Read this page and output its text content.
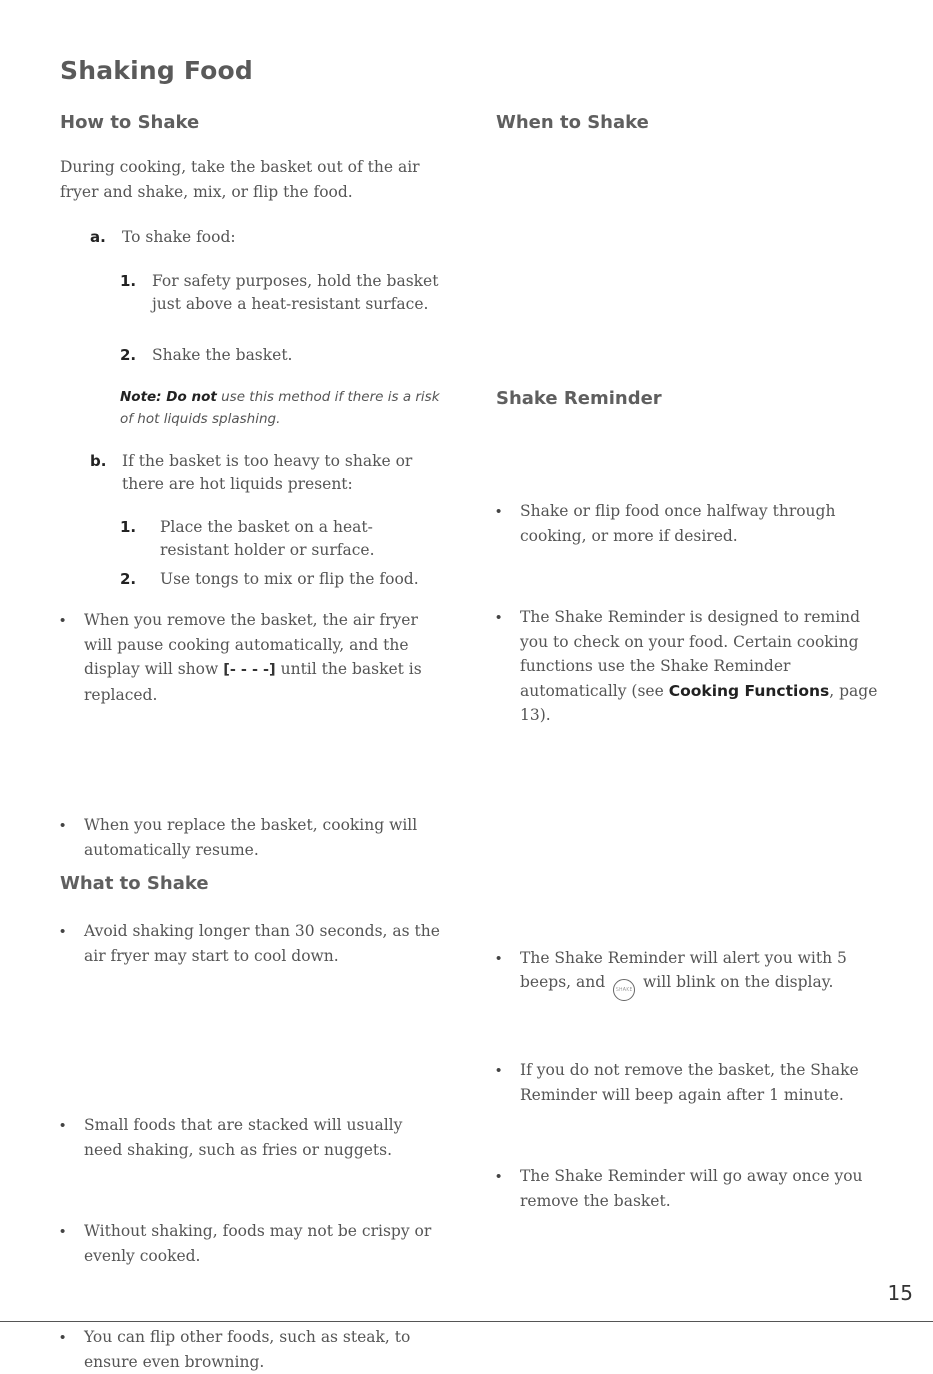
Shaking Food
How to Shake

During cooking, take the basket out of the air fryer and shake, mix, or flip the food.

a. To shake food:
1. For safety purposes, hold the basket just above a heat-resistant surface.
2. Shake the basket.

Note: Do not use this method if there is a risk of hot liquids splashing.

b. If the basket is too heavy to shake or there are hot liquids present:
1. Place the basket on a heat-resistant holder or surface.
2. Use tongs to mix or flip the food.
•	When you remove the basket, the air fryer will pause cooking automatically, and the display will show [- - - -] until the basket is replaced.
•	When you replace the basket, cooking will automatically resume.
•	Avoid shaking longer than 30 seconds, as the air fryer may start to cool down.
What to Shake
•	Small foods that are stacked will usually need shaking, such as fries or nuggets.
•	Without shaking, foods may not be crispy or evenly cooked.
•	You can flip other foods, such as steak, to ensure even browning.
When to Shake
•	Shake or flip food once halfway through cooking, or more if desired.
•	The Shake Reminder is designed to remind you to check on your food. Certain cooking functions use the Shake Reminder automatically (see Cooking Functions, page 13).
Shake Reminder
•	The Shake Reminder will alert you with 5 beeps, and SHAKE will blink on the display.
•	If you do not remove the basket, the Shake Reminder will beep again after 1 minute.
•	The Shake Reminder will go away once you remove the basket.
15
